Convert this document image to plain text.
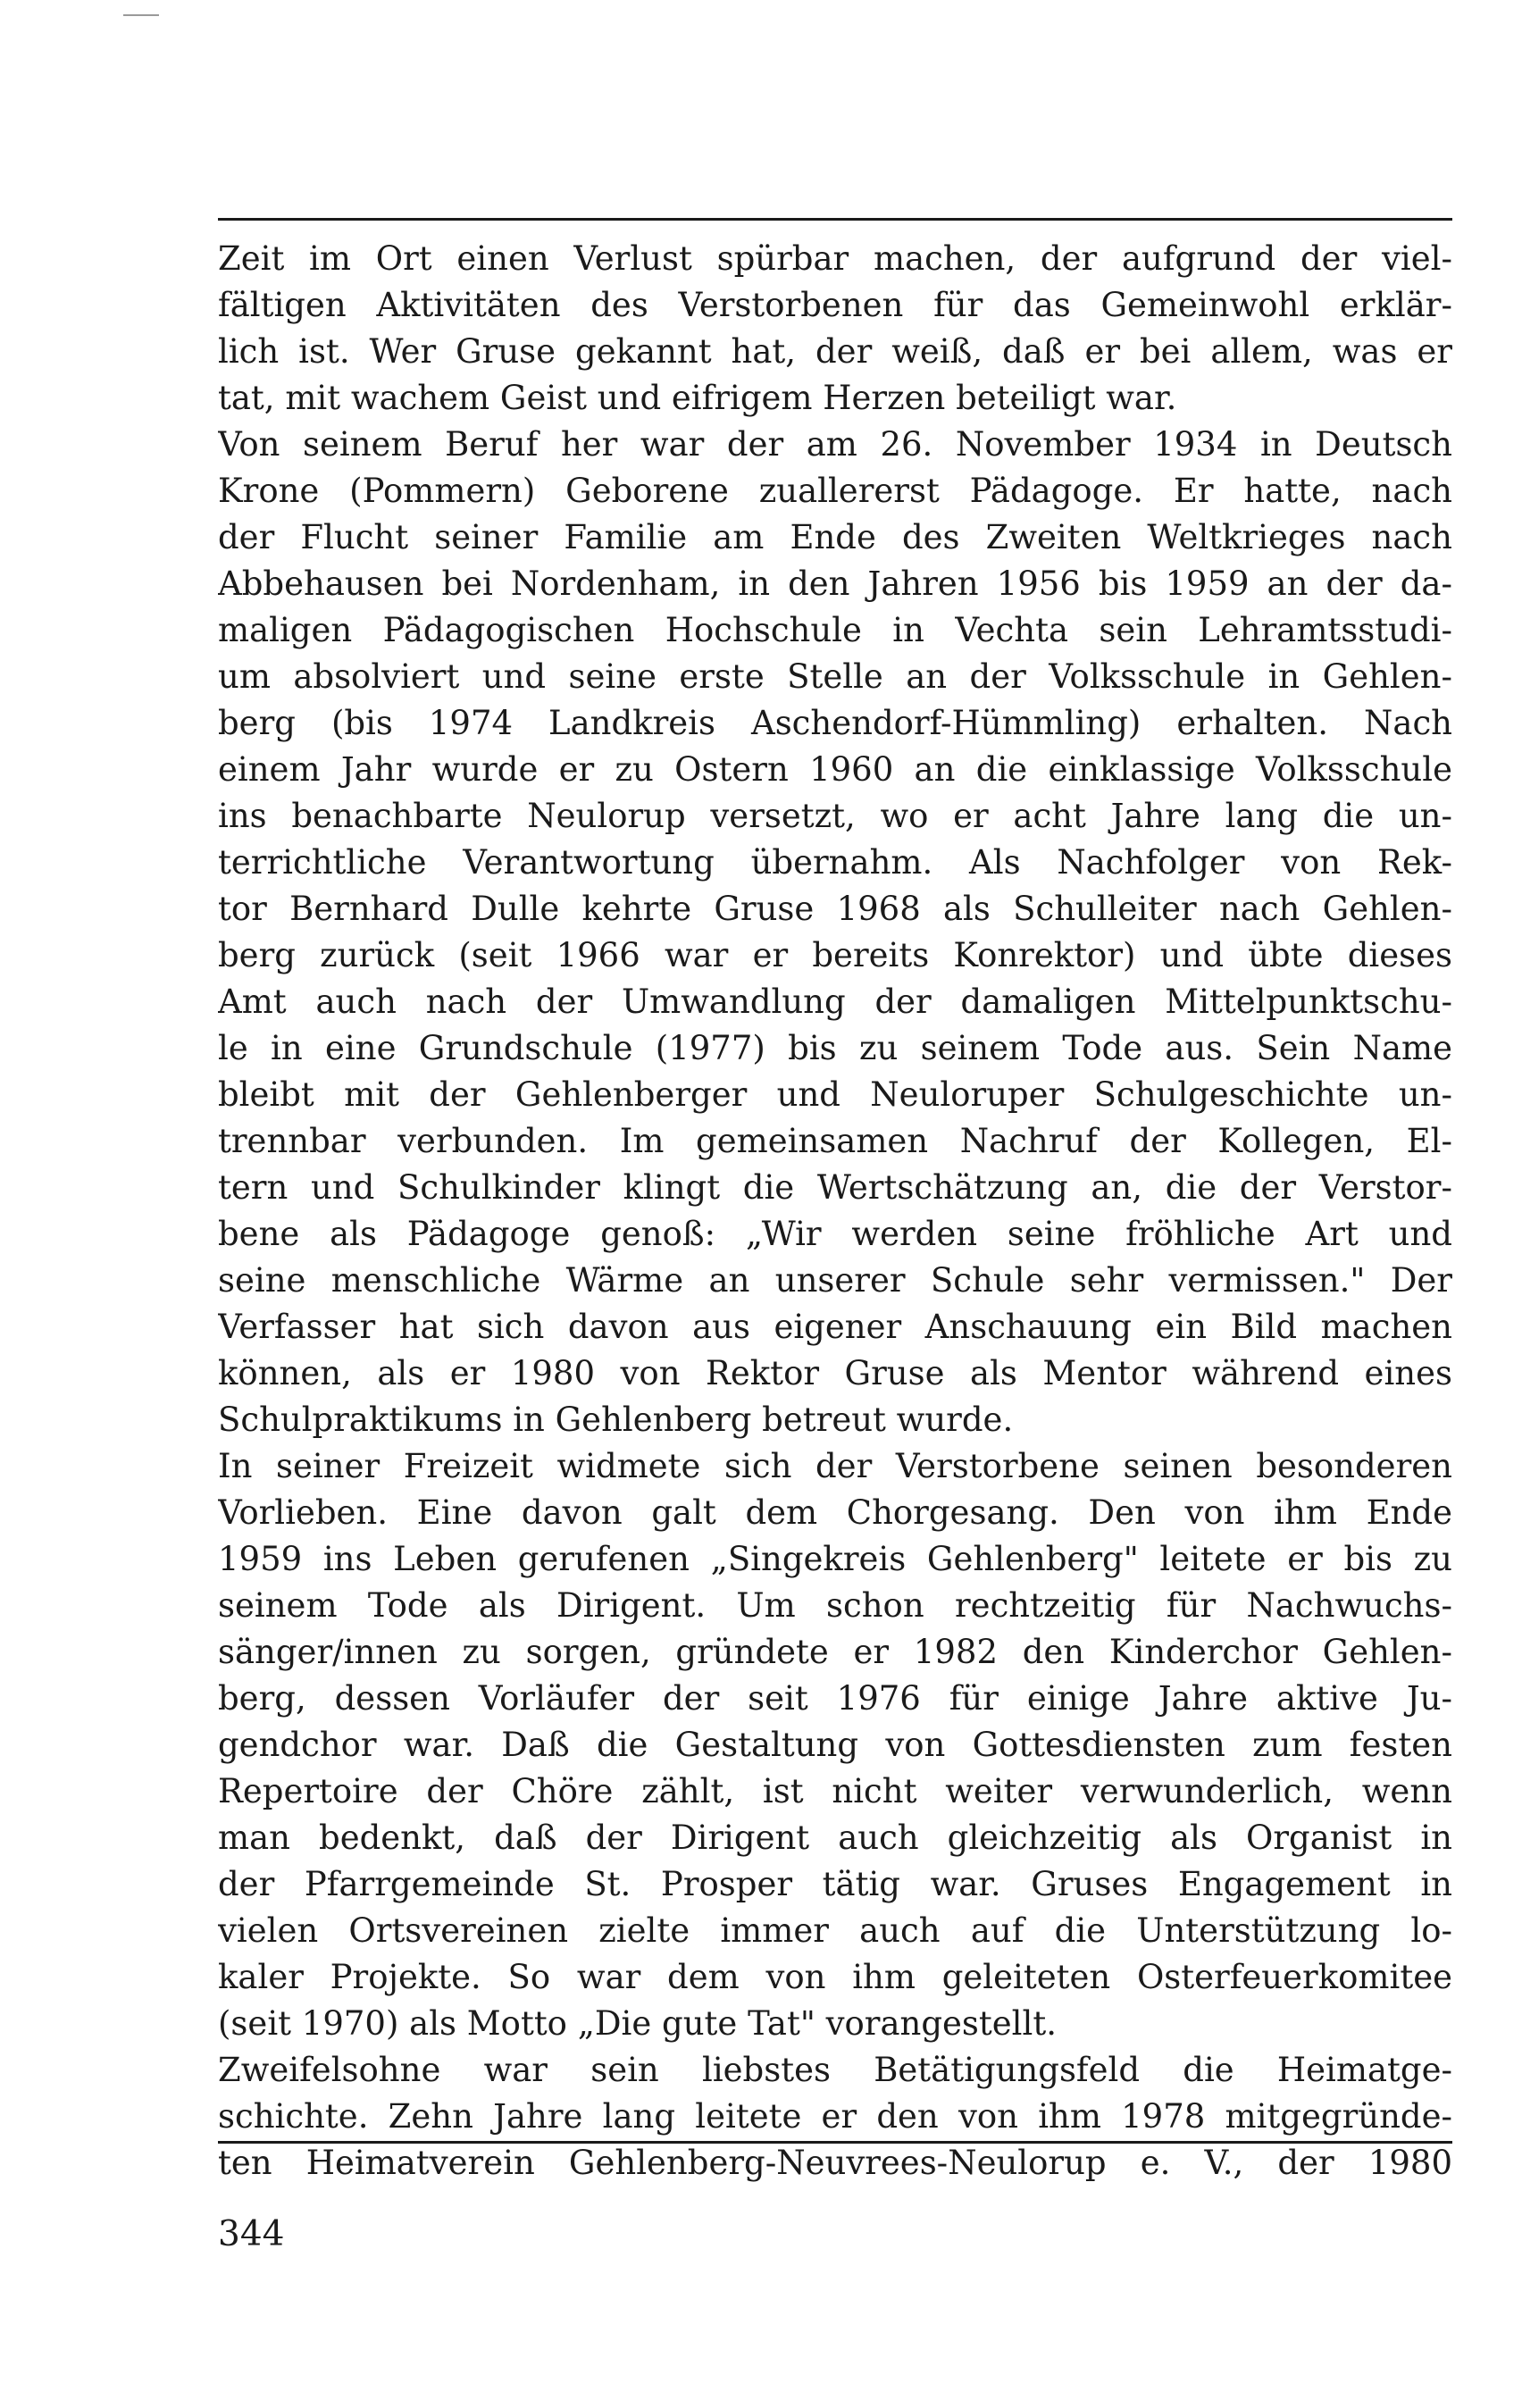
Zeit im Ort einen Verlust spürbar machen, der aufgrund der viel-
fältigen Aktivitäten des Verstorbenen für das Gemeinwohl erklär-
lich ist. Wer Gruse gekannt hat, der weiß, daß er bei allem, was er
tat, mit wachem Geist und eifrigem Herzen beteiligt war.
Von seinem Beruf her war der am 26. November 1934 in Deutsch
Krone (Pommern) Geborene zuallererst Pädagoge. Er hatte, nach
der Flucht seiner Familie am Ende des Zweiten Weltkrieges nach
Abbehausen bei Nordenham, in den Jahren 1956 bis 1959 an der da-
maligen Pädagogischen Hochschule in Vechta sein Lehramtsstudi-
um absolviert und seine erste Stelle an der Volksschule in Gehlen-
berg (bis 1974 Landkreis Aschendorf-Hümmling) erhalten. Nach
einem Jahr wurde er zu Ostern 1960 an die einklassige Volksschule
ins benachbarte Neulorup versetzt, wo er acht Jahre lang die un-
terrichtliche Verantwortung übernahm. Als Nachfolger von Rek-
tor Bernhard Dulle kehrte Gruse 1968 als Schulleiter nach Gehlen-
berg zurück (seit 1966 war er bereits Konrektor) und übte dieses
Amt auch nach der Umwandlung der damaligen Mittelpunktschu-
le in eine Grundschule (1977) bis zu seinem Tode aus. Sein Name
bleibt mit der Gehlenberger und Neuloruper Schulgeschichte un-
trennbar verbunden. Im gemeinsamen Nachruf der Kollegen, El-
tern und Schulkinder klingt die Wertschätzung an, die der Verstor-
bene als Pädagoge genoß: „Wir werden seine fröhliche Art und
seine menschliche Wärme an unserer Schule sehr vermissen." Der
Verfasser hat sich davon aus eigener Anschauung ein Bild machen
können, als er 1980 von Rektor Gruse als Mentor während eines
Schulpraktikums in Gehlenberg betreut wurde.
In seiner Freizeit widmete sich der Verstorbene seinen besonderen
Vorlieben. Eine davon galt dem Chorgesang. Den von ihm Ende
1959 ins Leben gerufenen „Singekreis Gehlenberg" leitete er bis zu
seinem Tode als Dirigent. Um schon rechtzeitig für Nachwuchs-
sänger/innen zu sorgen, gründete er 1982 den Kinderchor Gehlen-
berg, dessen Vorläufer der seit 1976 für einige Jahre aktive Ju-
gendchor war. Daß die Gestaltung von Gottesdiensten zum festen
Repertoire der Chöre zählt, ist nicht weiter verwunderlich, wenn
man bedenkt, daß der Dirigent auch gleichzeitig als Organist in
der Pfarrgemeinde St. Prosper tätig war. Gruses Engagement in
vielen Ortsvereinen zielte immer auch auf die Unterstützung lo-
kaler Projekte. So war dem von ihm geleiteten Osterfeuerkomitee
(seit 1970) als Motto „Die gute Tat" vorangestellt.
Zweifelsohne war sein liebstes Betätigungsfeld die Heimatge-
schichte. Zehn Jahre lang leitete er den von ihm 1978 mitgegründe-
ten Heimatverein Gehlenberg-Neuvrees-Neulorup e. V., der 1980
344
